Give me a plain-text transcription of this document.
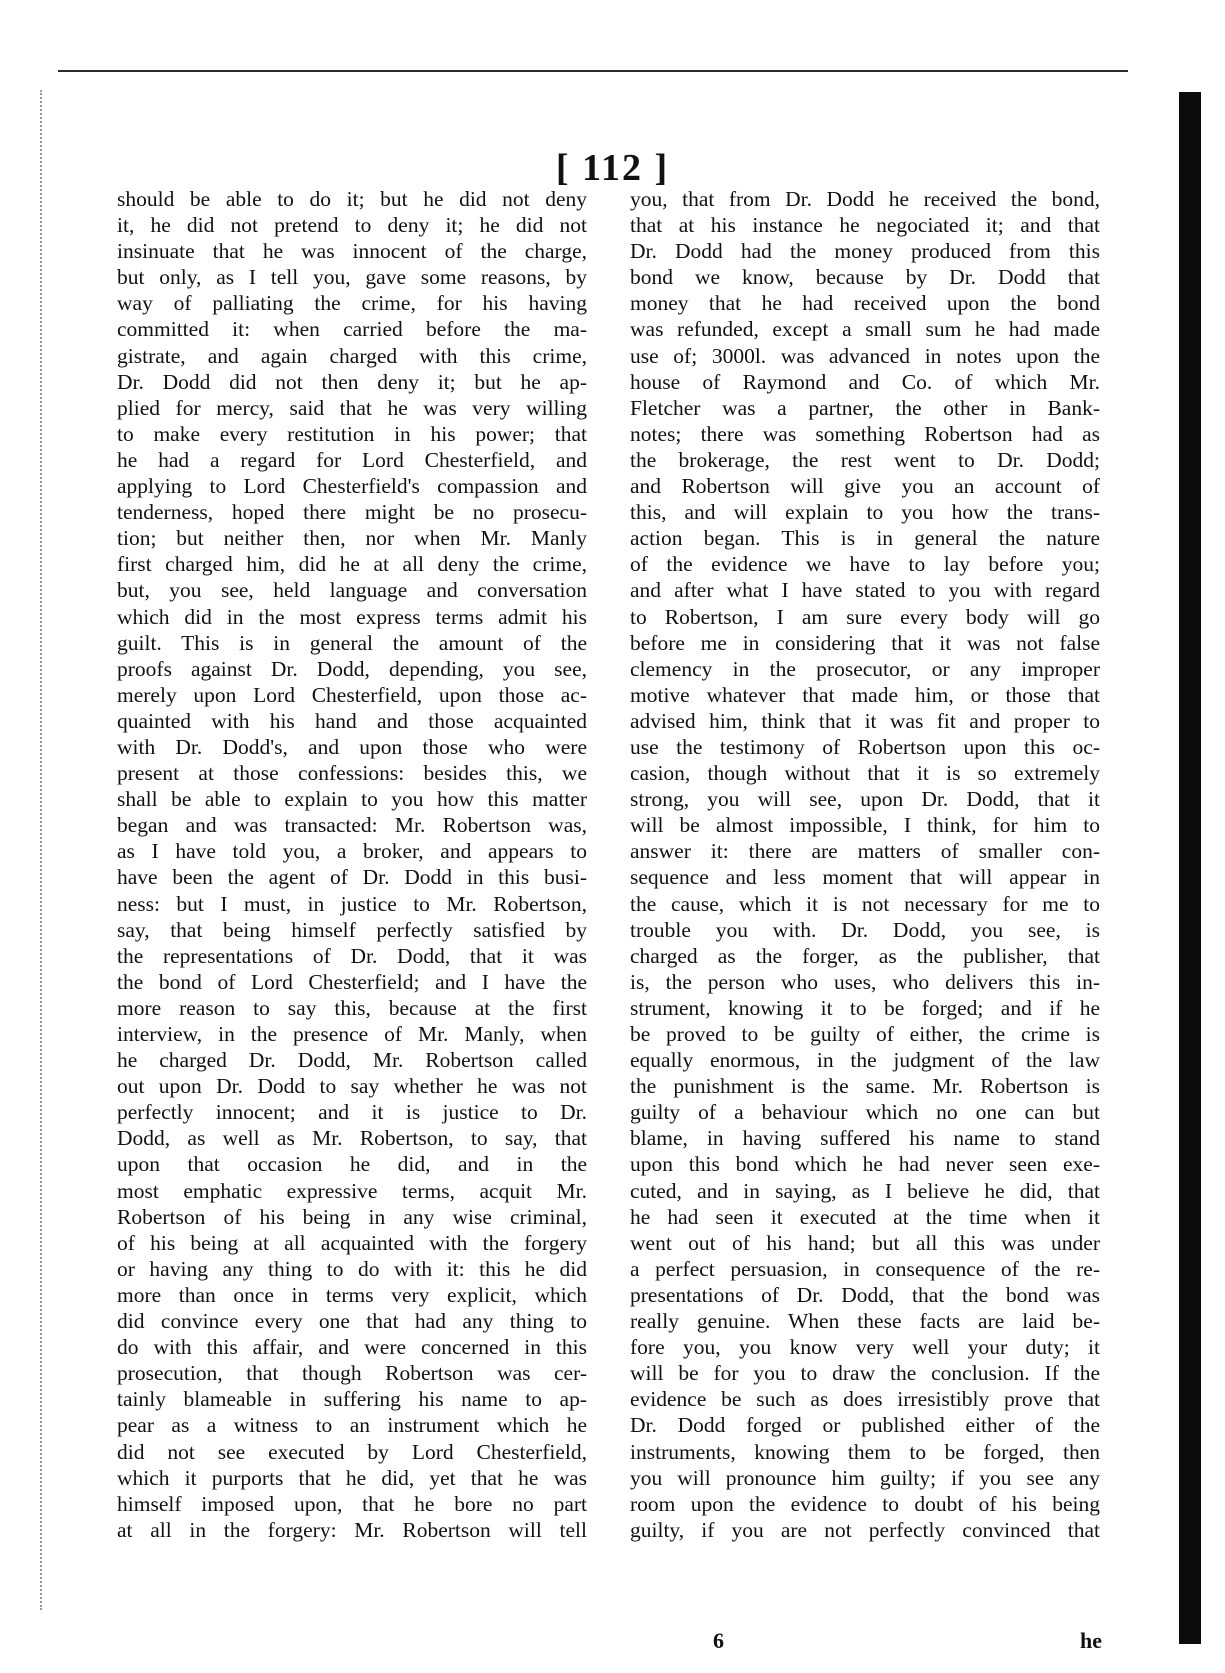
[ 112 ]
should be able to do it; but he did not deny
it, he did not pretend to deny it; he did not
insinuate that he was innocent of the charge,
but only, as I tell you, gave some reasons, by
way of palliating the crime, for his having
committed it: when carried before the ma-
gistrate, and again charged with this crime,
Dr. Dodd did not then deny it; but he ap-
plied for mercy, said that he was very willing
to make every restitution in his power; that
he had a regard for Lord Chesterfield, and
applying to Lord Chesterfield's compassion and
tenderness, hoped there might be no prosecu-
tion; but neither then, nor when Mr. Manly
first charged him, did he at all deny the crime,
but, you see, held language and conversation
which did in the most express terms admit his
guilt. This is in general the amount of the
proofs against Dr. Dodd, depending, you see,
merely upon Lord Chesterfield, upon those ac-
quainted with his hand and those acquainted
with Dr. Dodd's, and upon those who were
present at those confessions: besides this, we
shall be able to explain to you how this matter
began and was transacted: Mr. Robertson was,
as I have told you, a broker, and appears to
have been the agent of Dr. Dodd in this busi-
ness: but I must, in justice to Mr. Robertson,
say, that being himself perfectly satisfied by
the representations of Dr. Dodd, that it was
the bond of Lord Chesterfield; and I have the
more reason to say this, because at the first
interview, in the presence of Mr. Manly, when
he charged Dr. Dodd, Mr. Robertson called
out upon Dr. Dodd to say whether he was not
perfectly innocent; and it is justice to Dr.
Dodd, as well as Mr. Robertson, to say, that
upon that occasion he did, and in the
most emphatic expressive terms, acquit Mr.
Robertson of his being in any wise criminal,
of his being at all acquainted with the forgery
or having any thing to do with it: this he did
more than once in terms very explicit, which
did convince every one that had any thing to
do with this affair, and were concerned in this
prosecution, that though Robertson was cer-
tainly blameable in suffering his name to ap-
pear as a witness to an instrument which he
did not see executed by Lord Chesterfield,
which it purports that he did, yet that he was
himself imposed upon, that he bore no part
at all in the forgery: Mr. Robertson will tell
you, that from Dr. Dodd he received the bond,
that at his instance he negociated it; and that
Dr. Dodd had the money produced from this
bond we know, because by Dr. Dodd that
money that he had received upon the bond
was refunded, except a small sum he had made
use of; 3000l. was advanced in notes upon the
house of Raymond and Co. of which Mr.
Fletcher was a partner, the other in Bank-
notes; there was something Robertson had as
the brokerage, the rest went to Dr. Dodd;
and Robertson will give you an account of
this, and will explain to you how the trans-
action began. This is in general the nature
of the evidence we have to lay before you;
and after what I have stated to you with regard
to Robertson, I am sure every body will go
before me in considering that it was not false
clemency in the prosecutor, or any improper
motive whatever that made him, or those that
advised him, think that it was fit and proper to
use the testimony of Robertson upon this oc-
casion, though without that it is so extremely
strong, you will see, upon Dr. Dodd, that it
will be almost impossible, I think, for him to
answer it: there are matters of smaller con-
sequence and less moment that will appear in
the cause, which it is not necessary for me to
trouble you with. Dr. Dodd, you see, is
charged as the forger, as the publisher, that
is, the person who uses, who delivers this in-
strument, knowing it to be forged; and if he
be proved to be guilty of either, the crime is
equally enormous, in the judgment of the law
the punishment is the same. Mr. Robertson is
guilty of a behaviour which no one can but
blame, in having suffered his name to stand
upon this bond which he had never seen exe-
cuted, and in saying, as I believe he did, that
he had seen it executed at the time when it
went out of his hand; but all this was under
a perfect persuasion, in consequence of the re-
presentations of Dr. Dodd, that the bond was
really genuine. When these facts are laid be-
fore you, you know very well your duty; it
will be for you to draw the conclusion. If the
evidence be such as does irresistibly prove that
Dr. Dodd forged or published either of the
instruments, knowing them to be forged, then
you will pronounce him guilty; if you see any
room upon the evidence to doubt of his being
guilty, if you are not perfectly convinced that
6	he
